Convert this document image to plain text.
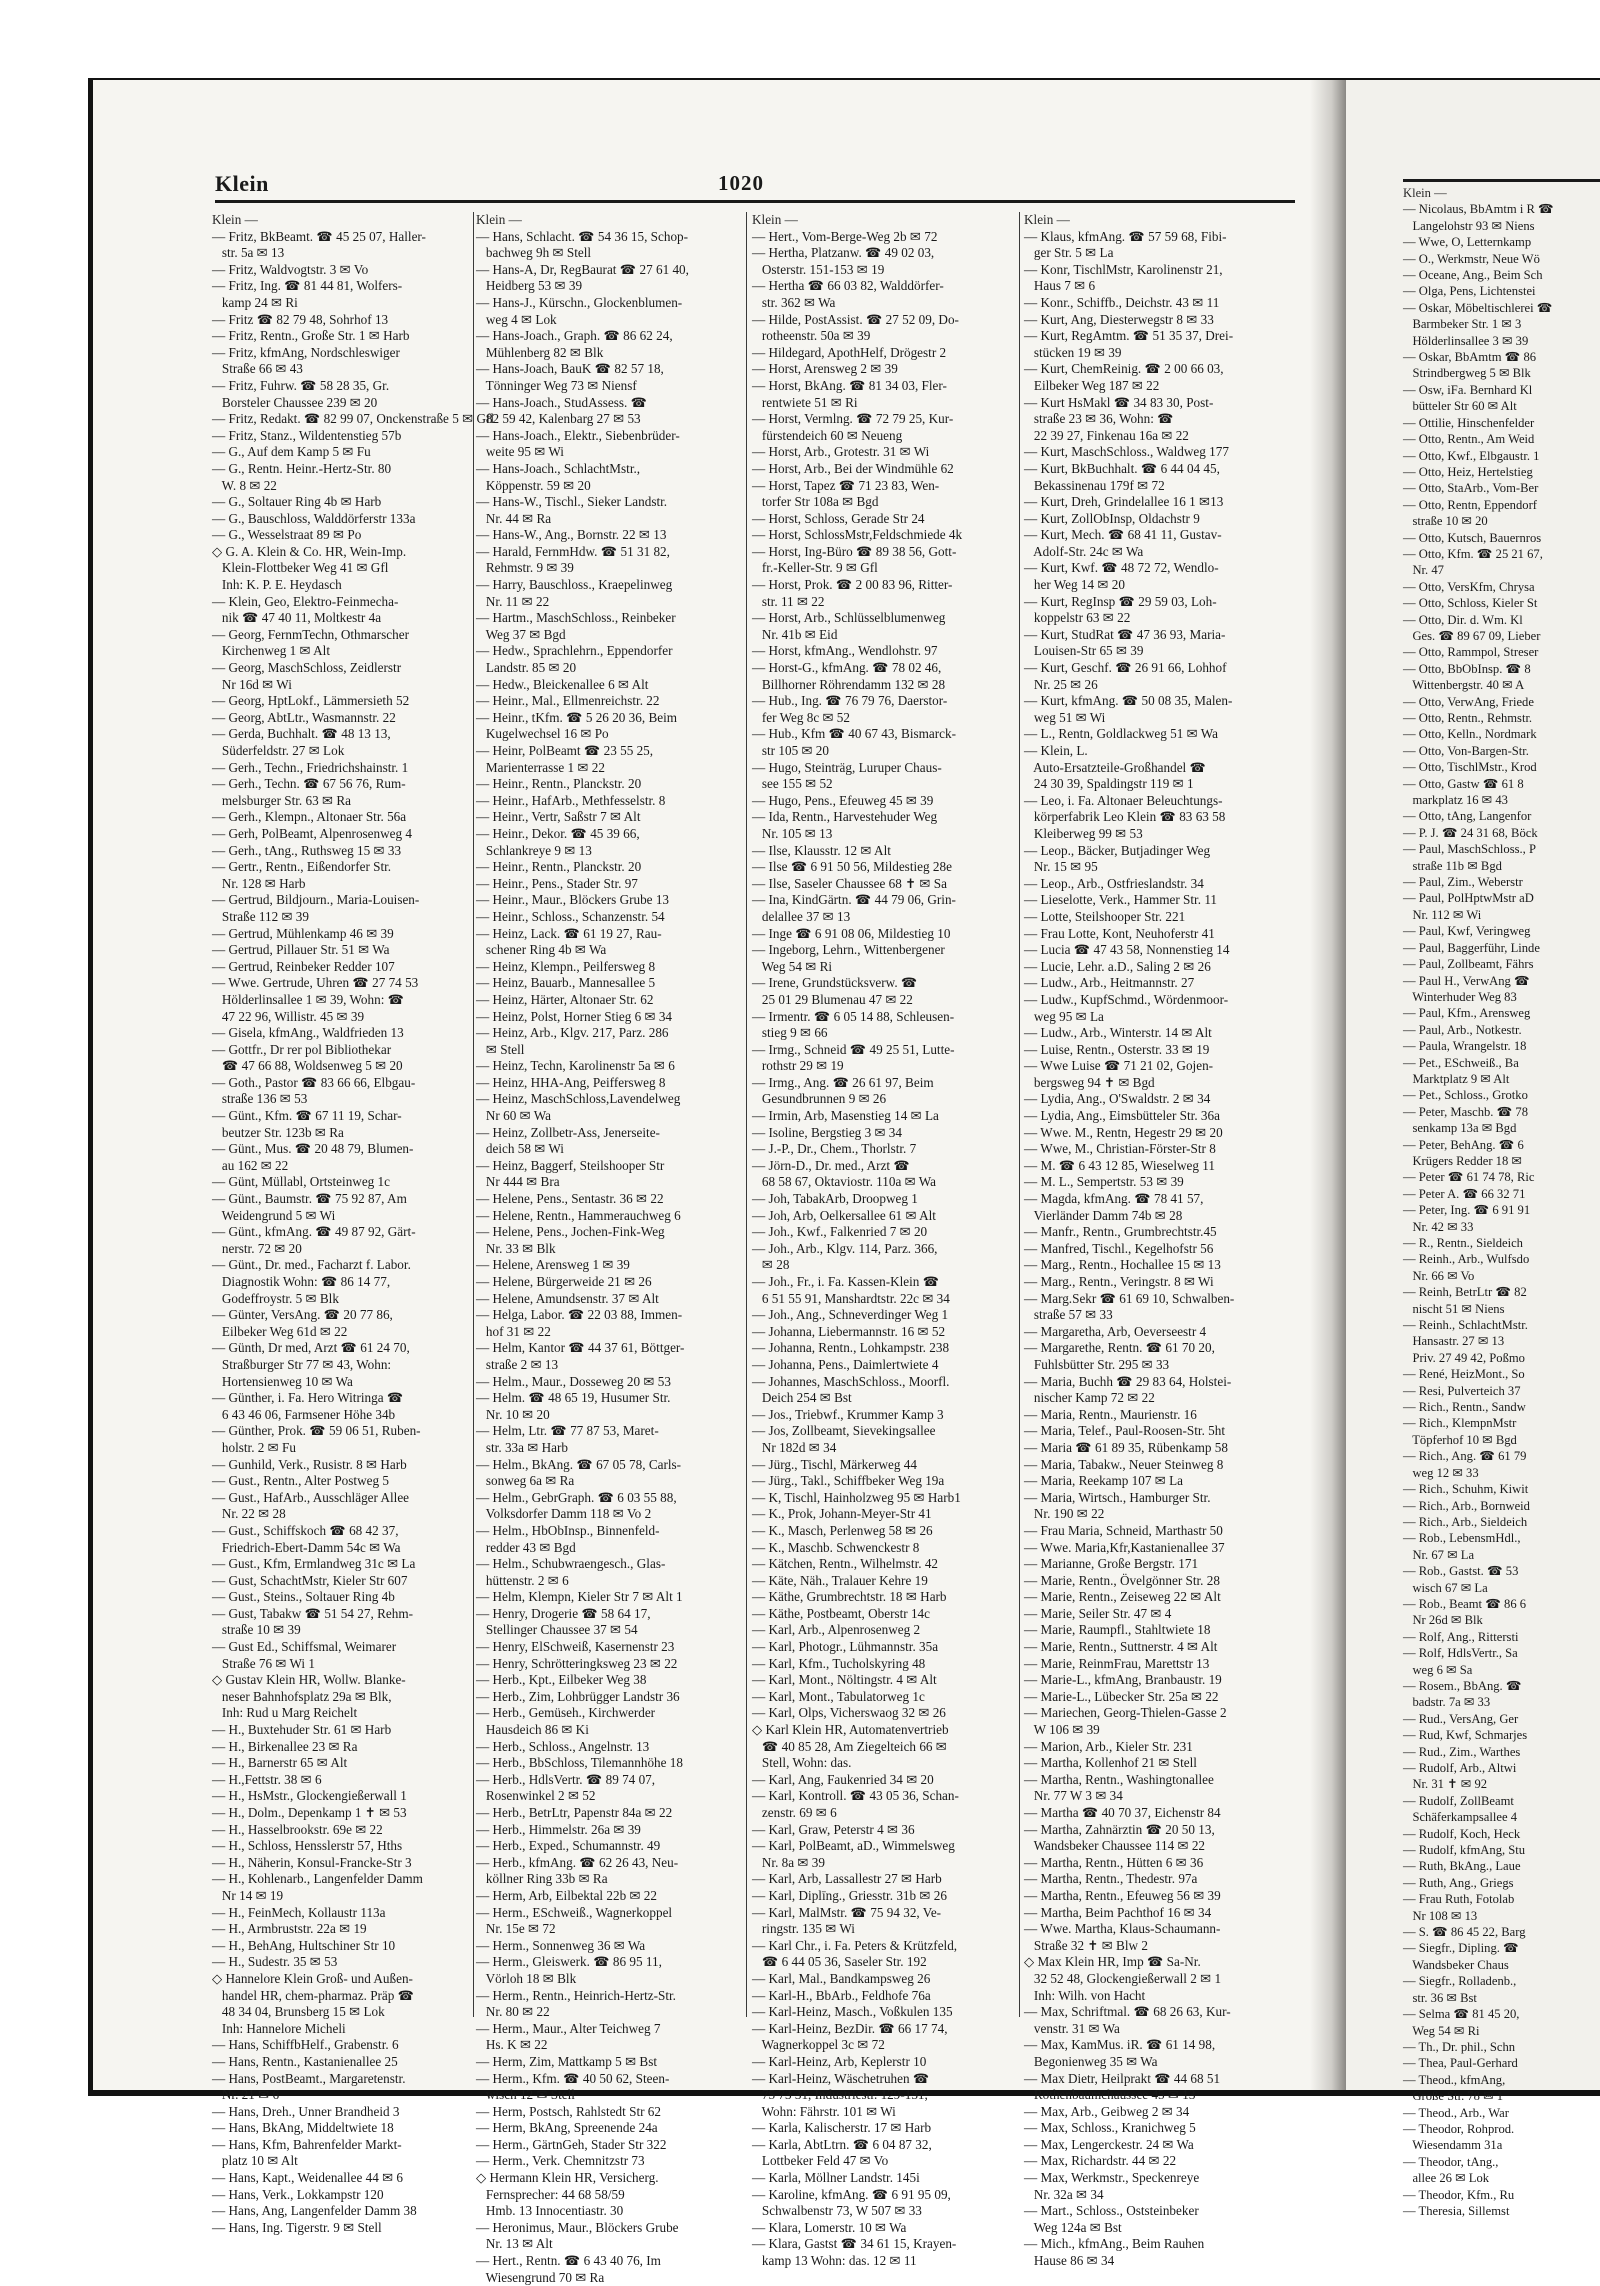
Klein	1020
Klein —
— Fritz, BkBeamt. ☎ 45 25 07, Haller-
str. 5a ✉ 13
— Fritz, Waldvogtstr. 3 ✉ Vo
— Fritz, Ing. ☎ 81 44 81, Wolfers-
kamp 24 ✉ Ri
— Fritz ☎ 82 79 48, Sohrhof 13
— Fritz, Rentn., Große Str. 1 ✉ Harb
— Fritz, kfmAng, Nordschleswiger
Straße 66 ✉ 43
— Fritz, Fuhrw. ☎ 58 28 35, Gr.
Borsteler Chaussee 239 ✉ 20
— Fritz, Redakt. ☎ 82 99 07, Onckenstraße 5 ✉ Gfl
— Fritz, Stanz., Wildentenstieg 57b
— G., Auf dem Kamp 5 ✉ Fu
— G., Rentn. Heinr.-Hertz-Str. 80
W. 8 ✉ 22
— G., Soltauer Ring 4b ✉ Harb
— G., Bauschloss, Walddörferstr 133a
— G., Wesselstraat 89 ✉ Po
◇ G. A. Klein & Co. HR, Wein-Imp.
Klein-Flottbeker Weg 41 ✉ Gfl
Inh: K. P. E. Heydasch
— Klein, Geo, Elektro-Feinmecha-
nik ☎ 47 40 11, Moltkestr 4a
— Georg, FernmTechn, Othmarscher
Kirchenweg 1 ✉ Alt
— Georg, MaschSchloss, Zeidlerstr
Nr 16d ✉ Wi
— Georg, HptLokf., Lämmersieth 52
— Georg, AbtLtr., Wasmannstr. 22
— Gerda, Buchhalt. ☎ 48 13 13,
Süderfeldstr. 27 ✉ Lok
— Gerh., Techn., Friedrichshainstr. 1
— Gerh., Techn. ☎ 67 56 76, Rum-
melsburger Str. 63 ✉ Ra
— Gerh., Klempn., Altonaer Str. 56a
— Gerh, PolBeamt, Alpenrosenweg 4
— Gerh., tAng., Ruthsweg 15 ✉ 33
— Gertr., Rentn., Eißendorfer Str.
Nr. 128 ✉ Harb
— Gertrud, Bildjourn., Maria-Louisen-
Straße 112 ✉ 39
— Gertrud, Mühlenkamp 46 ✉ 39
— Gertrud, Pillauer Str. 51 ✉ Wa
— Gertrud, Reinbeker Redder 107
— Wwe. Gertrude, Uhren ☎ 27 74 53
Hölderlinsallee 1 ✉ 39, Wohn: ☎
47 22 96, Willistr. 45 ✉ 39
— Gisela, kfmAng., Waldfrieden 13
— Gottfr., Dr rer pol Bibliothekar
☎ 47 66 88, Woldsenweg 5 ✉ 20
— Goth., Pastor ☎ 83 66 66, Elbgau-
straße 136 ✉ 53
— Günt., Kfm. ☎ 67 11 19, Schar-
beutzer Str. 123b ✉ Ra
— Günt., Mus. ☎ 20 48 79, Blumen-
au 162 ✉ 22
— Günt, Müllabl, Ortsteinweg 1c
— Günt., Baumstr. ☎ 75 92 87, Am
Weidengrund 5 ✉ Wi
— Günt., kfmAng. ☎ 49 87 92, Gärt-
nerstr. 72 ✉ 20
— Günt., Dr. med., Facharzt f. Labor.
Diagnostik Wohn: ☎ 86 14 77,
Godeffroystr. 5 ✉ Blk
— Günter, VersAng. ☎ 20 77 86,
Eilbeker Weg 61d ✉ 22
— Günth, Dr med, Arzt ☎ 61 24 70,
Straßburger Str 77 ✉ 43, Wohn:
Hortensienweg 10 ✉ Wa
— Günther, i. Fa. Hero Witringa ☎
6 43 46 06, Farmsener Höhe 34b
— Günther, Prok. ☎ 59 06 51, Ruben-
holstr. 2 ✉ Fu
— Gunhild, Verk., Rusistr. 8 ✉ Harb
— Gust., Rentn., Alter Postweg 5
— Gust., HafArb., Ausschläger Allee
Nr. 22 ✉ 28
— Gust., Schiffskoch ☎ 68 42 37,
Friedrich-Ebert-Damm 54c ✉ Wa
— Gust., Kfm, Ermlandweg 31c ✉ La
— Gust, SchachtMstr, Kieler Str 607
— Gust., Steins., Soltauer Ring 4b
— Gust, Tabakw ☎ 51 54 27, Rehm-
straße 10 ✉ 39
— Gust Ed., Schiffsmal, Weimarer
Straße 76 ✉ Wi 1
◇ Gustav Klein HR, Wollw. Blanke-
neser Bahnhofsplatz 29a ✉ Blk,
Inh: Rud u Marg Reichelt
— H., Buxtehuder Str. 61 ✉ Harb
— H., Birkenallee 23 ✉ Ra
— H., Barnerstr 65 ✉ Alt
— H.,Fettstr. 38 ✉ 6
— H., HsMstr., Glockengießerwall 1
— H., Dolm., Depenkamp 1 ✝ ✉ 53
— H., Hasselbrookstr. 69e ✉ 22
— H., Schloss, Hensslerstr 57, Hths
— H., Näherin, Konsul-Francke-Str 3
— H., Kohlenarb., Langenfelder Damm
Nr 14 ✉ 19
— H., FeinMech, Kollaustr 113a
— H., Armbruststr. 22a ✉ 19
— H., BehAng, Hultschiner Str 10
— H., Sudestr. 35 ✉ 53
◇ Hannelore Klein Groß- und Außen-
handel HR, chem-pharmaz. Präp ☎
48 34 04, Brunsberg 15 ✉ Lok
Inh: Hannelore Micheli
— Hans, SchiffbHelf., Grabenstr. 6
— Hans, Rentn., Kastanienallee 25
— Hans, PostBeamt., Margaretenstr.
Nr. 21 ✉ 6
— Hans, Dreh., Unner Brandheid 3
— Hans, BkAng, Middeltwiete 18
— Hans, Kfm, Bahrenfelder Markt-
platz 10 ✉ Alt
— Hans, Kapt., Weidenallee 44 ✉ 6
— Hans, Verk., Lokkampstr 120
— Hans, Ang, Langenfelder Damm 38
— Hans, Ing. Tigerstr. 9 ✉ Stell
Klein —
— Hans, Schlacht. ☎ 54 36 15, Schop-
bachweg 9h ✉ Stell
— Hans-A, Dr, RegBaurat ☎ 27 61 40,
Heidberg 53 ✉ 39
— Hans-J., Kürschn., Glockenblumen-
weg 4 ✉ Lok
— Hans-Joach., Graph. ☎ 86 62 24,
Mühlenberg 82 ✉ Blk
— Hans-Joach, BauK ☎ 82 57 18,
Tönninger Weg 73 ✉ Niensf
— Hans-Joach., StudAssess. ☎
82 59 42, Kalenbarg 27 ✉ 53
— Hans-Joach., Elektr., Siebenbrüder-
weite 95 ✉ Wi
— Hans-Joach., SchlachtMstr.,
Köppenstr. 59 ✉ 20
— Hans-W., Tischl., Sieker Landstr.
Nr. 44 ✉ Ra
— Hans-W., Ang., Bornstr. 22 ✉ 13
— Harald, FernmHdw. ☎ 51 31 82,
Rehmstr. 9 ✉ 39
— Harry, Bauschloss., Kraepelinweg
Nr. 11 ✉ 22
— Hartm., MaschSchloss., Reinbeker
Weg 37 ✉ Bgd
— Hedw., Sprachlehrn., Eppendorfer
Landstr. 85 ✉ 20
— Hedw., Bleickenallee 6 ✉ Alt
— Heinr., Mal., Ellmenreichstr. 22
— Heinr., tKfm. ☎ 5 26 20 36, Beim
Kugelwechsel 16 ✉ Po
— Heinr, PolBeamt ☎ 23 55 25,
Marienterrasse 1 ✉ 22
— Heinr., Rentn., Planckstr. 20
— Heinr., HafArb., Methfesselstr. 8
— Heinr., Vertr, Saßstr 7 ✉ Alt
— Heinr., Dekor. ☎ 45 39 66,
Schlankreye 9 ✉ 13
— Heinr., Rentn., Planckstr. 20
— Heinr., Pens., Stader Str. 97
— Heinr., Maur., Blöckers Grube 13
— Heinr., Schloss., Schanzenstr. 54
— Heinz, Lack. ☎ 61 19 27, Rau-
schener Ring 4b ✉ Wa
— Heinz, Klempn., Peilfersweg 8
— Heinz, Bauarb., Mannesallee 5
— Heinz, Härter, Altonaer Str. 62
— Heinz, Polst, Horner Stieg 6 ✉ 34
— Heinz, Arb., Klgv. 217, Parz. 286
✉ Stell
— Heinz, Techn, Karolinenstr 5a ✉ 6
— Heinz, HHA-Ang, Peiffersweg 8
— Heinz, MaschSchloss,Lavendelweg
Nr 60 ✉ Wa
— Heinz, Zollbetr-Ass, Jenerseite-
deich 58 ✉ Wi
— Heinz, Baggerf, Steilshooper Str
Nr 444 ✉ Bra
— Helene, Pens., Sentastr. 36 ✉ 22
— Helene, Rentn., Hammerauchweg 6
— Helene, Pens., Jochen-Fink-Weg
Nr. 33 ✉ Blk
— Helene, Arensweg 1 ✉ 39
— Helene, Bürgerweide 21 ✉ 26
— Helene, Amundsenstr. 37 ✉ Alt
— Helga, Labor. ☎ 22 03 88, Immen-
hof 31 ✉ 22
— Helm, Kantor ☎ 44 37 61, Böttger-
straße 2 ✉ 13
— Helm., Maur., Dosseweg 20 ✉ 53
— Helm. ☎ 48 65 19, Husumer Str.
Nr. 10 ✉ 20
— Helm, Ltr. ☎ 77 87 53, Maret-
str. 33a ✉ Harb
— Helm., BkAng. ☎ 67 05 78, Carls-
sonweg 6a ✉ Ra
— Helm., GebrGraph. ☎ 6 03 55 88,
Volksdorfer Damm 118 ✉ Vo 2
— Helm., HbObInsp., Binnenfeld-
redder 43 ✉ Bgd
— Helm., Schubwraengesch., Glas-
hüttenstr. 2 ✉ 6
— Helm, Klempn, Kieler Str 7 ✉ Alt 1
— Henry, Drogerie ☎ 58 64 17,
Stellinger Chaussee 37 ✉ 54
— Henry, ElSchweiß, Kasernenstr 23
— Henry, Schrötteringksweg 23 ✉ 22
— Herb., Kpt., Eilbeker Weg 38
— Herb., Zim, Lohbrügger Landstr 36
— Herb., Gemüseh., Kirchwerder
Hausdeich 86 ✉ Ki
— Herb., Schloss., Angelnstr. 13
— Herb., BbSchloss, Tilemannhöhe 18
— Herb., HdlsVertr. ☎ 89 74 07,
Rosenwinkel 2 ✉ 52
— Herb., BetrLtr, Papenstr 84a ✉ 22
— Herb., Himmelstr. 26a ✉ 39
— Herb., Exped., Schumannstr. 49
— Herb., kfmAng. ☎ 62 26 43, Neu-
köllner Ring 33b ✉ Ra
— Herm, Arb, Eilbektal 22b ✉ 22
— Herm., ESchweiß., Wagnerkoppel
Nr. 15e ✉ 72
— Herm., Sonnenweg 36 ✉ Wa
— Herm., Gleiswerk. ☎ 86 95 11,
Vörloh 18 ✉ Blk
— Herm., Rentn., Heinrich-Hertz-Str.
Nr. 80 ✉ 22
— Herm., Maur., Alter Teichweg 7
Hs. K ✉ 22
— Herm, Zim, Mattkamp 5 ✉ Bst
— Herm., Kfm. ☎ 40 50 62, Steen-
wisch 12 ✉ Stell
— Herm, Postsch, Rahlstedt Str 62
— Herm, BkAng, Spreenende 24a
— Herm., GärtnGeh, Stader Str 322
— Herm., Verk. Chemnitzstr 73
◇ Hermann Klein HR, Versicherg.
Fernsprecher: 44 68 58/59
Hmb. 13 Innocentiastr. 30
— Heronimus, Maur., Blöckers Grube
Nr. 13 ✉ Alt
— Hert., Rentn. ☎ 6 43 40 76, Im
Wiesengrund 70 ✉ Ra
Klein —
— Hert., Vom-Berge-Weg 2b ✉ 72
— Hertha, Platzanw. ☎ 49 02 03,
Osterstr. 151-153 ✉ 19
— Hertha ☎ 66 03 82, Walddörfer-
str. 362 ✉ Wa
— Hilde, PostAssist. ☎ 27 52 09, Do-
rotheenstr. 50a ✉ 39
— Hildegard, ApothHelf, Drögestr 2
— Horst, Arensweg 2 ✉ 39
— Horst, BkAng. ☎ 81 34 03, Fler-
rentwiete 51 ✉ Ri
— Horst, Vermlng. ☎ 72 79 25, Kur-
fürstendeich 60 ✉ Neueng
— Horst, Arb., Grotestr. 31 ✉ Wi
— Horst, Arb., Bei der Windmühle 62
— Horst, Tapez ☎ 71 23 83, Wen-
torfer Str 108a ✉ Bgd
— Horst, Schloss, Gerade Str 24
— Horst, SchlossMstr,Feldschmiede 4k
— Horst, Ing-Büro ☎ 89 38 56, Gott-
fr.-Keller-Str. 9 ✉ Gfl
— Horst, Prok. ☎ 2 00 83 96, Ritter-
str. 11 ✉ 22
— Horst, Arb., Schlüsselblumenweg
Nr. 41b ✉ Eid
— Horst, kfmAng., Wendlohstr. 97
— Horst-G., kfmAng. ☎ 78 02 46,
Billhorner Röhrendamm 132 ✉ 28
— Hub., Ing. ☎ 76 79 76, Daerstor-
fer Weg 8c ✉ 52
— Hub., Kfm ☎ 40 67 43, Bismarck-
str 105 ✉ 20
— Hugo, Steinträg, Luruper Chaus-
see 155 ✉ 52
— Hugo, Pens., Efeuweg 45 ✉ 39
— Ida, Rentn., Harvestehuder Weg
Nr. 105 ✉ 13
— Ilse, Klausstr. 12 ✉ Alt
— Ilse ☎ 6 91 50 56, Mildestieg 28e
— Ilse, Saseler Chaussee 68 ✝ ✉ Sa
— Ina, KindGärtn. ☎ 44 79 06, Grin-
delallee 37 ✉ 13
— Inge ☎ 6 91 08 06, Mildestieg 10
— Ingeborg, Lehrn., Wittenbergener
Weg 54 ✉ Ri
— Irene, Grundstücksverw. ☎
25 01 29 Blumenau 47 ✉ 22
— Irmentr. ☎ 6 05 14 88, Schleusen-
stieg 9 ✉ 66
— Irmg., Schneid ☎ 49 25 51, Lutte-
rothstr 29 ✉ 19
— Irmg., Ang. ☎ 26 61 97, Beim
Gesundbrunnen 9 ✉ 26
— Irmin, Arb, Masenstieg 14 ✉ La
— Isoline, Bergstieg 3 ✉ 34
— J.-P., Dr., Chem., Thorlstr. 7
— Jörn-D., Dr. med., Arzt ☎
68 58 67, Oktaviostr. 110a ✉ Wa
— Joh, TabakArb, Droopweg 1
— Joh, Arb, Oelkersallee 61 ✉ Alt
— Joh., Kwf., Falkenried 7 ✉ 20
— Joh., Arb., Klgv. 114, Parz. 366,
✉ 28
— Joh., Fr., i. Fa. Kassen-Klein ☎
6 51 55 91, Manshardtstr. 22c ✉ 34
— Joh., Ang., Schneverdinger Weg 1
— Johanna, Liebermannstr. 16 ✉ 52
— Johanna, Rentn., Lohkampstr. 238
— Johanna, Pens., Daimlertwiete 4
— Johannes, MaschSchloss., Moorfl.
Deich 254 ✉ Bst
— Jos., Triebwf., Krummer Kamp 3
— Jos, Zollbeamt, Sievekingsallee
Nr 182d ✉ 34
— Jürg., Tischl, Märkerweg 44
— Jürg., Takl., Schiffbeker Weg 19a
— K, Tischl, Hainholzweg 95 ✉ Harb1
— K., Prok, Johann-Meyer-Str 41
— K., Masch, Perlenweg 58 ✉ 26
— K., Maschb. Schwenckestr 8
— Kätchen, Rentn., Wilhelmstr. 42
— Käte, Näh., Tralauer Kehre 19
— Käthe, Grumbrechtstr. 18 ✉ Harb
— Käthe, Postbeamt, Oberstr 14c
— Karl, Arb., Alpenrosenweg 2
— Karl, Photogr., Lühmannstr. 35a
— Karl, Kfm., Tucholskyring 48
— Karl, Mont., Nöltingstr. 4 ✉ Alt
— Karl, Mont., Tabulatorweg 1c
— Karl, Olps, Vicherswaog 32 ✉ 26
◇ Karl Klein HR, Automatenvertrieb
☎ 40 85 28, Am Ziegelteich 66 ✉
Stell, Wohn: das.
— Karl, Ang, Faukenried 34 ✉ 20
— Karl, Kontroll. ☎ 43 05 36, Schan-
zenstr. 69 ✉ 6
— Karl, Graw, Peterstr 4 ✉ 36
— Karl, PolBeamt, aD., Wimmelsweg
Nr. 8a ✉ 39
— Karl, Arb, Lassallestr 27 ✉ Harb
— Karl, Diplīng., Griesstr. 31b ✉ 26
— Karl, MalMstr. ☎ 75 94 32, Ve-
ringstr. 135 ✉ Wi
— Karl Chr., i. Fa. Peters & Krützfeld,
☎ 6 44 05 36, Saseler Str. 192
— Karl, Mal., Bandkampsweg 26
— Karl-H., BbArb., Feldhofe 76a
— Karl-Heinz, Masch., Voßkulen 135
— Karl-Heinz, BezDir. ☎ 66 17 74,
Wagnerkoppel 3c ✉ 72
— Karl-Heinz, Arb, Keplerstr 10
— Karl-Heinz, Wäschetruhen ☎
75 73 31, Industriestr. 129-131,
Wohn: Fährstr. 101 ✉ Wi
— Karla, Kalischerstr. 17 ✉ Harb
— Karla, AbtLtrn. ☎ 6 04 87 32,
Lottbeker Feld 47 ✉ Vo
— Karla, Möllner Landstr. 145i
— Karoline, kfmAng. ☎ 6 91 95 09,
Schwalbenstr 73, W 507 ✉ 33
— Klara, Lomerstr. 10 ✉ Wa
— Klara, Gastst ☎ 34 61 15, Krayen-
kamp 13 Wohn: das. 12 ✉ 11
Klein —
— Klaus, kfmAng. ☎ 57 59 68, Fibi-
ger Str. 5 ✉ La
— Konr, TischlMstr, Karolinenstr 21,
Haus 7 ✉ 6
— Konr., Schiffb., Deichstr. 43 ✉ 11
— Kurt, Ang, Diesterwegstr 8 ✉ 33
— Kurt, RegAmtm. ☎ 51 35 37, Drei-
stücken 19 ✉ 39
— Kurt, ChemReinig. ☎ 2 00 66 03,
Eilbeker Weg 187 ✉ 22
— Kurt HsMakl ☎ 34 83 30, Post-
straße 23 ✉ 36, Wohn: ☎
22 39 27, Finkenau 16a ✉ 22
— Kurt, MaschSchloss., Waldweg 177
— Kurt, BkBuchhalt. ☎ 6 44 04 45,
Bekassinenau 179f ✉ 72
— Kurt, Dreh, Grindelallee 16 1 ✉13
— Kurt, ZollObInsp, Oldachstr 9
— Kurt, Mech. ☎ 68 41 11, Gustav-
Adolf-Str. 24c ✉ Wa
— Kurt, Kwf. ☎ 48 72 72, Wendlo-
her Weg 14 ✉ 20
— Kurt, RegInsp ☎ 29 59 03, Loh-
koppelstr 63 ✉ 22
— Kurt, StudRat ☎ 47 36 93, Maria-
Louisen-Str 65 ✉ 39
— Kurt, Geschf. ☎ 26 91 66, Lohhof
Nr. 25 ✉ 26
— Kurt, kfmAng. ☎ 50 08 35, Malen-
weg 51 ✉ Wi
— L., Rentn, Goldlackweg 51 ✉ Wa
— Klein, L.
Auto-Ersatzteile-Großhandel ☎
24 30 39, Spaldingstr 119 ✉ 1
— Leo, i. Fa. Altonaer Beleuchtungs-
körperfabrik Leo Klein ☎ 83 63 58
Kleiberweg 99 ✉ 53
— Leop., Bäcker, Butjadinger Weg
Nr. 15 ✉ 95
— Leop., Arb., Ostfrieslandstr. 34
— Lieselotte, Verk., Hammer Str. 11
— Lotte, Steilshooper Str. 221
— Frau Lotte, Kont, Neuhoferstr 41
— Lucia ☎ 47 43 58, Nonnenstieg 14
— Lucie, Lehr. a.D., Saling 2 ✉ 26
— Ludw., Arb., Heitmannstr. 27
— Ludw., KupfSchmd., Wördenmoor-
weg 95 ✉ La
— Ludw., Arb., Winterstr. 14 ✉ Alt
— Luise, Rentn., Osterstr. 33 ✉ 19
— Wwe Luise ☎ 71 21 02, Gojen-
bergsweg 94 ✝ ✉ Bgd
— Lydia, Ang., O'Swaldstr. 2 ✉ 34
— Lydia, Ang., Eimsbütteler Str. 36a
— Wwe. M., Rentn, Hegestr 29 ✉ 20
— Wwe, M., Christian-Förster-Str 8
— M. ☎ 6 43 12 85, Wieselweg 11
— M. L., Sempertstr. 53 ✉ 39
— Magda, kfmAng. ☎ 78 41 57,
Vierländer Damm 74b ✉ 28
— Manfr., Rentn., Grumbrechtstr.45
— Manfred, Tischl., Kegelhofstr 56
— Marg., Rentn., Hochallee 15 ✉ 13
— Marg., Rentn., Veringstr. 8 ✉ Wi
— Marg.Sekr ☎ 61 69 10, Schwalben-
straße 57 ✉ 33
— Margaretha, Arb, Oeverseestr 4
— Margarethe, Rentn. ☎ 61 70 20,
Fuhlsbütter Str. 295 ✉ 33
— Maria, Buchh ☎ 29 83 64, Holstei-
nischer Kamp 72 ✉ 22
— Maria, Rentn., Maurienstr. 16
— Maria, Telef., Paul-Roosen-Str. 5ht
— Maria ☎ 61 89 35, Rübenkamp 58
— Maria, Tabakw., Neuer Steinweg 8
— Maria, Reekamp 107 ✉ La
— Maria, Wirtsch., Hamburger Str.
Nr. 190 ✉ 22
— Frau Maria, Schneid, Marthastr 50
— Wwe. Maria,Kfr,Kastanienallee 37
— Marianne, Große Bergstr. 171
— Marie, Rentn., Övelgönner Str. 28
— Marie, Rentn., Zeiseweg 22 ✉ Alt
— Marie, Seiler Str. 47 ✉ 4
— Marie, Raumpfl., Stahltwiete 18
— Marie, Rentn., Suttnerstr. 4 ✉ Alt
— Marie, ReinmFrau, Marettstr 13
— Marie-L., kfmAng, Branbaustr. 19
— Marie-L., Lübecker Str. 25a ✉ 22
— Mariechen, Georg-Thielen-Gasse 2
W 106 ✉ 39
— Marion, Arb., Kieler Str. 231
— Martha, Kollenhof 21 ✉ Stell
— Martha, Rentn., Washingtonallee
Nr. 77 W 3 ✉ 34
— Martha ☎ 40 70 37, Eichenstr 84
— Martha, Zahnärztin ☎ 20 50 13,
Wandsbeker Chaussee 114 ✉ 22
— Martha, Rentn., Hütten 6 ✉ 36
— Martha, Rentn., Thedestr. 97a
— Martha, Rentn., Efeuweg 56 ✉ 39
— Martha, Beim Pachthof 16 ✉ 34
— Wwe. Martha, Klaus-Schaumann-
Straße 32 ✝ ✉ Blw 2
◇ Max Klein HR, Imp ☎ Sa-Nr.
32 52 48, Glockengießerwall 2 ✉ 1
Inh: Wilh. von Hacht
— Max, Schriftmal. ☎ 68 26 63, Kur-
venstr. 31 ✉ Wa
— Max, KamMus. iR. ☎ 61 14 98,
Begonienweg 35 ✉ Wa
— Max Dietr, Heilprakt ☎ 44 68 51
Rothenbaumchaussee 45 ✉ 13
— Max, Arb., Geibweg 2 ✉ 34
— Max, Schloss., Kranichweg 5
— Max, Lengerckestr. 24 ✉ Wa
— Max, Richardstr. 44 ✉ 22
— Max, Werkmstr., Speckenreye
Nr. 32a ✉ 34
— Mart., Schloss., Oststeinbeker
Weg 124a ✉ Bst
— Mich., kfmAng., Beim Rauhen
Hause 86 ✉ 34
Klein —
— Nicolaus, BbAmtm i R ☎
Langelohstr 93 ✉ Niens
— Wwe, O, Letternkamp
— O., Werkmstr, Neue Wö
— Oceane, Ang., Beim Sch
— Olga, Pens, Lichtenstei
— Oskar, Möbeltischlerei ☎
Barmbeker Str. 1 ✉ 3
Hölderlinsallee 3 ✉ 39
— Oskar, BbAmtm ☎ 86
Strindbergweg 5 ✉ Blk
— Osw, iFa. Bernhard Kl
bütteler Str 60 ✉ Alt
— Ottilie, Hinschenfelder
— Otto, Rentn., Am Weid
— Otto, Kwf., Elbgaustr. 1
— Otto, Heiz, Hertelstieg
— Otto, StaArb., Vom-Ber
— Otto, Rentn, Eppendorf
straße 10 ✉ 20
— Otto, Kutsch, Bauernros
— Otto, Kfm. ☎ 25 21 67,
Nr. 47
— Otto, VersKfm, Chrysa
— Otto, Schloss, Kieler St
— Otto, Dir. d. Wm. Kl
Ges. ☎ 89 67 09, Lieber
— Otto, Rammpol, Streser
— Otto, BbObInsp. ☎ 8
Wittenbergstr. 40 ✉ A
— Otto, VerwAng, Friede
— Otto, Rentn., Rehmstr.
— Otto, Kelln., Nordmark
— Otto, Von-Bargen-Str.
— Otto, TischlMstr., Krod
— Otto, Gastw ☎ 61 8
markplatz 16 ✉ 43
— Otto, tAng, Langenfor
— P. J. ☎ 24 31 68, Böck
— Paul, MaschSchloss., P
straße 11b ✉ Bgd
— Paul, Zim., Weberstr
— Paul, PolHptwMstr aD
Nr. 112 ✉ Wi
— Paul, Kwf, Veringweg
— Paul, Baggerführ, Linde
— Paul, Zollbeamt, Fährs
— Paul H., VerwAng ☎
Winterhuder Weg 83
— Paul, Kfm., Arensweg
— Paul, Arb., Notkestr.
— Paula, Wrangelstr. 18
— Pet., ESchweiß., Ba
Marktplatz 9 ✉ Alt
— Pet., Schloss., Grotko
— Peter, Maschb. ☎ 78
senkamp 13a ✉ Bgd
— Peter, BehAng. ☎ 6
Krügers Redder 18 ✉
— Peter ☎ 61 74 78, Ric
— Peter A. ☎ 66 32 71
— Peter, Ing. ☎ 6 91 91
Nr. 42 ✉ 33
— R., Rentn., Sieldeich
— Reinh., Arb., Wulfsdo
Nr. 66 ✉ Vo
— Reinh, BetrLtr ☎ 82
nischt 51 ✉ Niens
— Reinh., SchlachtMstr.
Hansastr. 27 ✉ 13
Priv. 27 49 42, Poßmo
— René, HeizMont., So
— Resi, Pulverteich 37
— Rich., Rentn., Sandw
— Rich., KlempnMstr
Töpferhof 10 ✉ Bgd
— Rich., Ang. ☎ 61 79
weg 12 ✉ 33
— Rich., Schuhm, Kiwit
— Rich., Arb., Bornweid
— Rich., Arb., Sieldeich
— Rob., LebensmHdl.,
Nr. 67 ✉ La
— Rob., Gastst. ☎ 53
wisch 67 ✉ La
— Rob., Beamt ☎ 86 6
Nr 26d ✉ Blk
— Rolf, Ang., Rittersti
— Rolf, HdlsVertr., Sa
weg 6 ✉ Sa
— Rosem., BbAng. ☎
badstr. 7a ✉ 33
— Rud., VersAng, Ger
— Rud, Kwf, Schmarjes
— Rud., Zim., Warthes
— Rudolf, Arb., Altwi
Nr. 31 ✝ ✉ 92
— Rudolf, ZollBeamt
Schäferkampsallee 4
— Rudolf, Koch, Heck
— Rudolf, kfmAng, Stu
— Ruth, BkAng., Laue
— Ruth, Ang., Griegs
— Frau Ruth, Fotolab
Nr 108 ✉ 13
— S. ☎ 86 45 22, Barg
— Siegfr., Dipling. ☎
Wandsbeker Chaus
— Siegfr., Rolladenb.,
str. 36 ✉ Bst
— Selma ☎ 81 45 20,
Weg 54 ✉ Ri
— Th., Dr. phil., Schn
— Thea, Paul-Gerhard
— Theod., kfmAng,
Große Str. 78 ✉ 1
— Theod., Arb., War
— Theodor, Rohprod.
Wiesendamm 31a
— Theodor, tAng.,
allee 26 ✉ Lok
— Theodor, Kfm., Ru
— Theresia, Sillemst
